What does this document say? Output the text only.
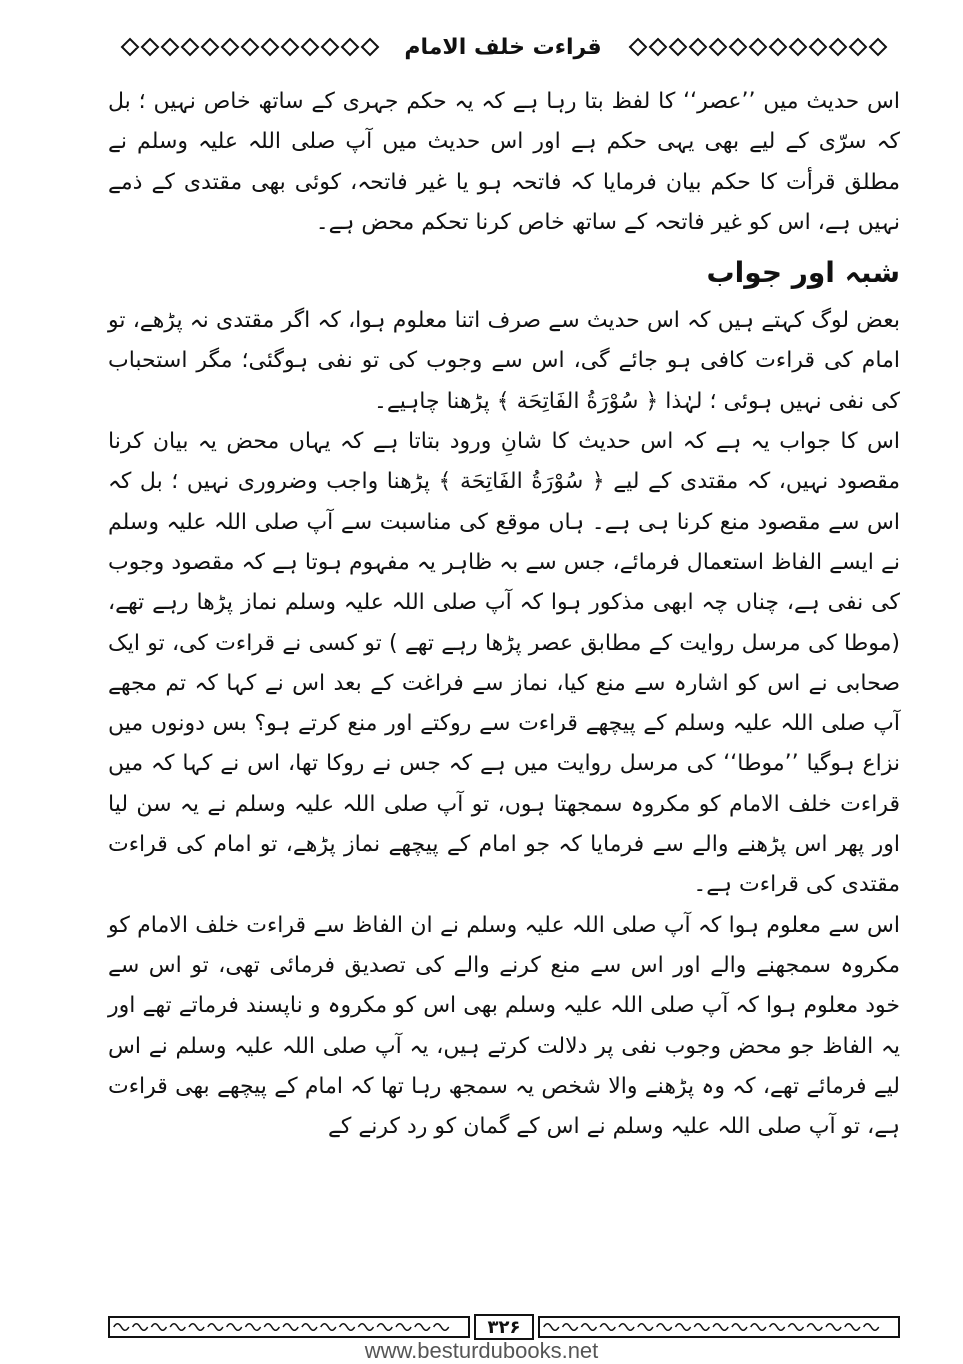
قراءت خلف الامام

اس حدیث میں ’’عصر‘‘ کا لفظ بتا رہا ہے کہ یہ حکم جہری کے ساتھ خاص نہیں ؛ بل کہ سرّی کے لیے بھی یہی حکم ہے اور اس حدیث میں آپ صلی اللہ علیہ وسلم نے مطلق قرأت کا حکم بیان فرمایا کہ فاتحہ ہو یا غیر فاتحہ، کوئی بھی مقتدی کے ذمے نہیں ہے، اس کو غیر فاتحہ کے ساتھ خاص کرنا تحکم محض ہے۔

شبہ اور جواب

بعض لوگ کہتے ہیں کہ اس حدیث سے صرف اتنا معلوم ہوا، کہ اگر مقتدی نہ پڑھے، تو امام کی قراءت کافی ہو جائے گی، اس سے وجوب کی تو نفی ہوگئی؛ مگر استحباب کی نفی نہیں ہوئی ؛ لہٰذا ﴿ سُوْرَةُ الفَاتِحَة ﴾ پڑھنا چاہیے۔

اس کا جواب یہ ہے کہ اس حدیث کا شانِ ورود بتاتا ہے کہ یہاں محض یہ بیان کرنا مقصود نہیں، کہ مقتدی کے لیے ﴿ سُوْرَةُ الفَاتِحَة ﴾ پڑھنا واجب وضروری نہیں ؛ بل کہ اس سے مقصود منع کرنا ہی ہے۔ ہاں موقع کی مناسبت سے آپ صلی اللہ علیہ وسلم نے ایسے الفاظ استعمال فرمائے، جس سے بہ ظاہر یہ مفہوم ہوتا ہے کہ مقصود وجوب کی نفی ہے، چناں چہ ابھی مذکور ہوا کہ آپ صلی اللہ علیہ وسلم نماز پڑھا رہے تھے، (موطا کی مرسل روایت کے مطابق عصر پڑھا رہے تھے ) تو کسی نے قراءت کی، تو ایک صحابی نے اس کو اشارہ سے منع کیا، نماز سے فراغت کے بعد اس نے کہا کہ تم مجھے آپ صلی اللہ علیہ وسلم کے پیچھے قراءت سے روکتے اور منع کرتے ہو؟ بس دونوں میں نزاع ہوگیا ’’موطا‘‘ کی مرسل روایت میں ہے کہ جس نے روکا تھا، اس نے کہا کہ میں قراءت خلف الامام کو مکروہ سمجھتا ہوں، تو آپ صلی اللہ علیہ وسلم نے یہ سن لیا اور پھر اس پڑھنے والے سے فرمایا کہ جو امام کے پیچھے نماز پڑھے، تو امام کی قراءت مقتدی کی قراءت ہے۔

اس سے معلوم ہوا کہ آپ صلی اللہ علیہ وسلم نے ان الفاظ سے قراءت خلف الامام کو مکروہ سمجھنے والے اور اس سے منع کرنے والے کی تصدیق فرمائی تھی، تو اس سے خود معلوم ہوا کہ آپ صلی اللہ علیہ وسلم بھی اس کو مکروہ و ناپسند فرماتے تھے اور یہ الفاظ جو محض وجوب نفی پر دلالت کرتے ہیں، یہ آپ صلی اللہ علیہ وسلم نے اس لیے فرمائے تھے، کہ وہ پڑھنے والا شخص یہ سمجھ رہا تھا کہ امام کے پیچھے بھی قراءت ہے، تو آپ صلی اللہ علیہ وسلم نے اس کے گمان کو رد کرنے کے

۳۲۶
www.besturdubooks.net
